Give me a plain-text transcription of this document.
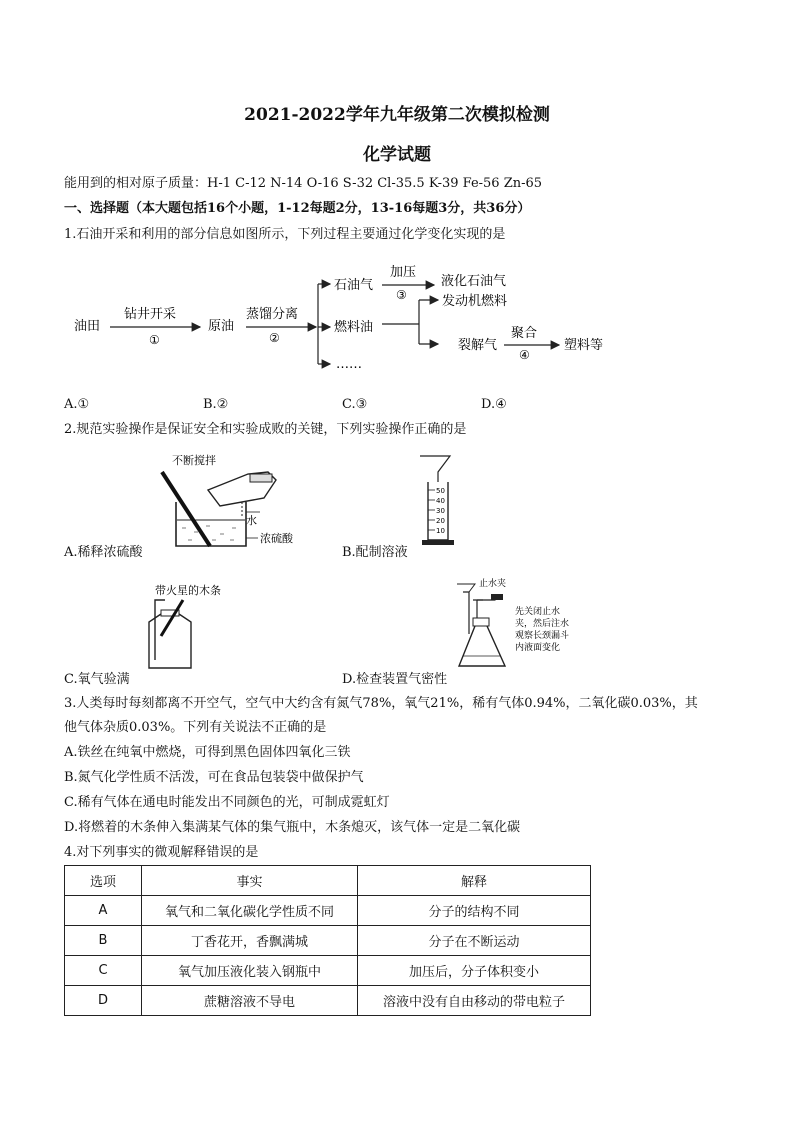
2021-2022学年九年级第二次模拟检测
化学试题
能用到的相对原子质量：H-1 C-12 N-14 O-16 S-32 Cl-35.5 K-39 Fe-56 Zn-65
一、选择题（本大题包括16个小题，1-12每题2分，13-16每题3分，共36分）
1.石油开采和利用的部分信息如图所示，下列过程主要通过化学变化实现的是
油田
钻井开采
①
原油
蒸馏分离
②
石油气
加压
③
液化石油气
燃料油
发动机燃料
裂解气
聚合
④
塑料等
……
A.①	B.②	C.③	D.④
2.规范实验操作是保证安全和实验成败的关键，下列实验操作正确的是
不断搅拌
水
浓硫酸
A.稀释浓硫酸
50
40
30
20
10
B.配制溶液
带火星的木条
C.氧气验满
止水夹
先关闭止水
夹，然后注水
观察长颈漏斗
内液面变化
D.检查装置气密性
3.人类每时每刻都离不开空气，空气中大约含有氮气78%，氧气21%，稀有气体0.94%，二氧化碳0.03%，其
他气体杂质0.03%。下列有关说法不正确的是
A.铁丝在纯氧中燃烧，可得到黑色固体四氧化三铁
B.氮气化学性质不活泼，可在食品包装袋中做保护气
C.稀有气体在通电时能发出不同颜色的光，可制成霓虹灯
D.将燃着的木条伸入集满某气体的集气瓶中，木条熄灭，该气体一定是二氧化碳
4.对下列事实的微观解释错误的是
选项	事实	解释
A	氧气和二氧化碳化学性质不同	分子的结构不同
B	丁香花开，香飘满城	分子在不断运动
C	氧气加压液化装入钢瓶中	加压后，分子体积变小
D	蔗糖溶液不导电	溶液中没有自由移动的带电粒子
